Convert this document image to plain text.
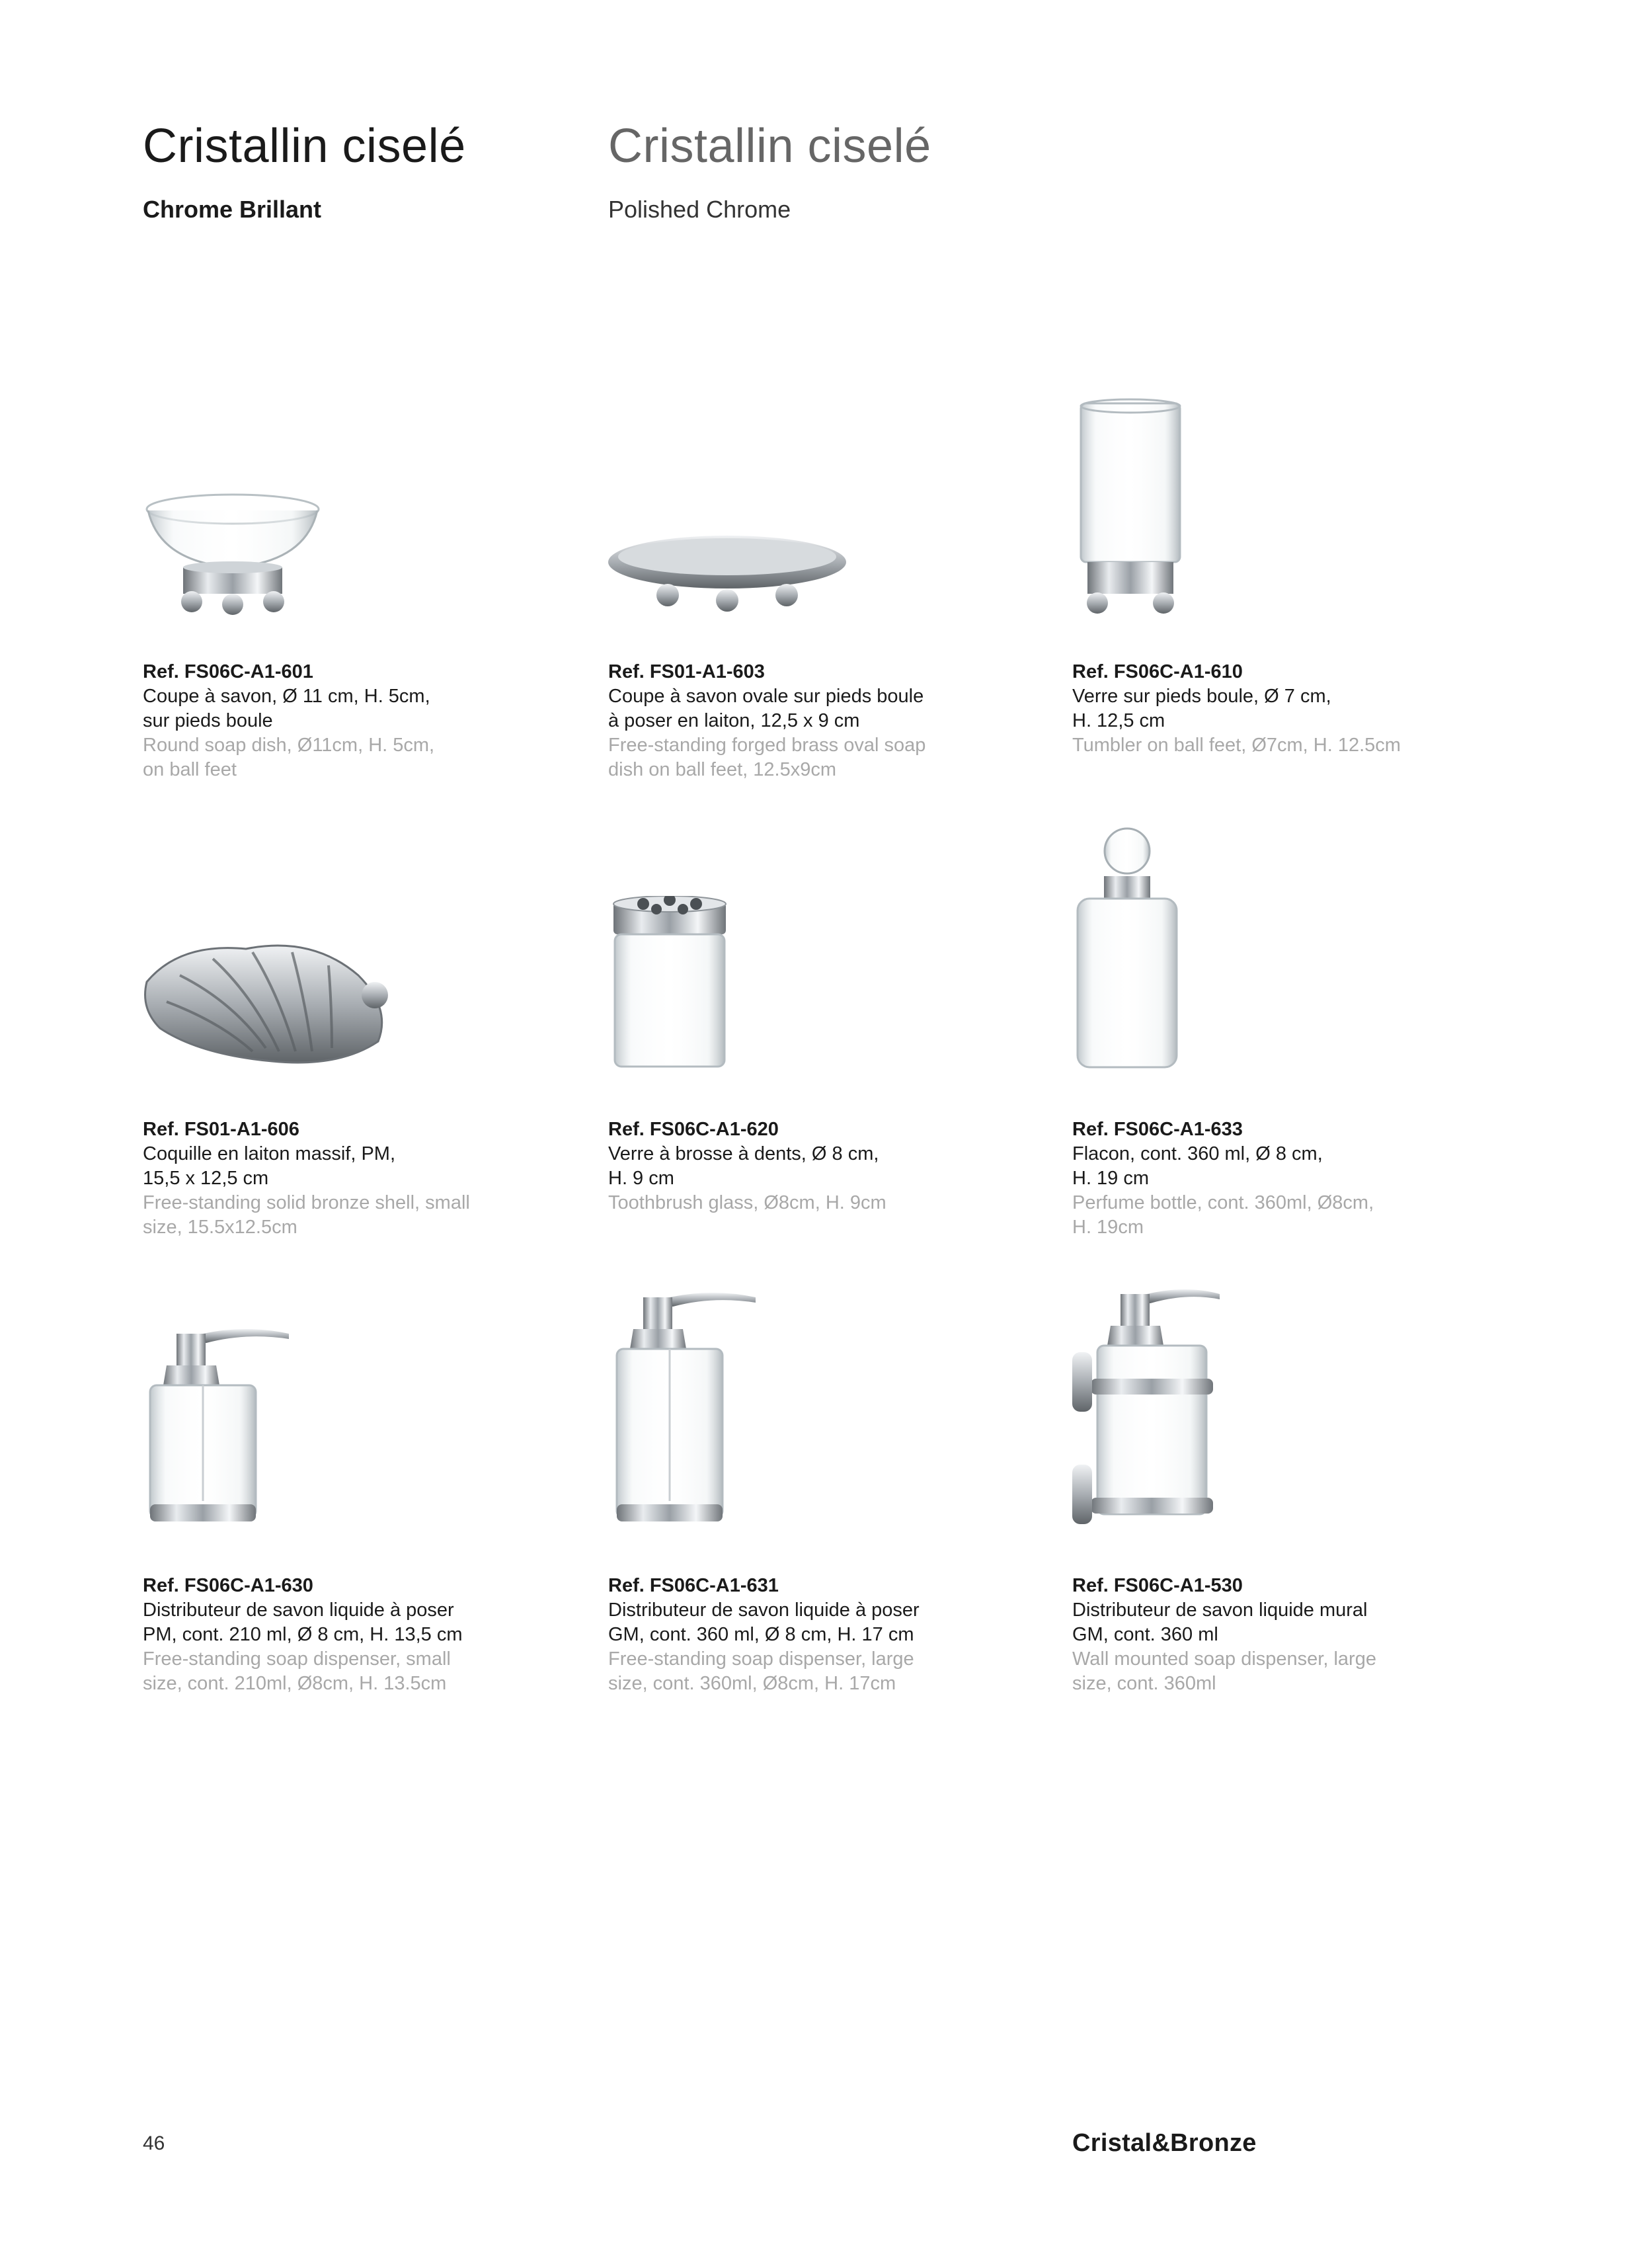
Cristallin ciselé	Cristallin ciselé
Chrome Brillant	Polished Chrome
Ref. FS06C-A1-601
Coupe à savon, Ø 11 cm, H. 5cm,
sur pieds boule
Round soap dish, Ø11cm, H. 5cm,
on ball feet
Ref. FS01-A1-603
Coupe à savon ovale sur pieds boule
à poser en laiton, 12,5 x 9 cm
Free-standing forged brass oval soap
dish on ball feet, 12.5x9cm
Ref. FS06C-A1-610
Verre sur pieds boule, Ø 7 cm,
H. 12,5 cm
Tumbler on ball feet, Ø7cm, H. 12.5cm
Ref. FS01-A1-606
Coquille en laiton massif, PM,
15,5 x 12,5 cm
Free-standing solid bronze shell, small
size, 15.5x12.5cm
Ref. FS06C-A1-620
Verre à brosse à dents, Ø 8 cm,
H. 9 cm
Toothbrush glass, Ø8cm, H. 9cm
Ref. FS06C-A1-633
Flacon, cont. 360 ml, Ø 8 cm,
H. 19 cm
Perfume bottle, cont. 360ml, Ø8cm,
H. 19cm
Ref. FS06C-A1-630
Distributeur de savon liquide à poser
PM, cont. 210 ml, Ø 8 cm, H. 13,5 cm
Free-standing soap dispenser, small
size, cont. 210ml, Ø8cm, H. 13.5cm
Ref. FS06C-A1-631
Distributeur de savon liquide à poser
GM, cont. 360 ml, Ø 8 cm, H. 17 cm
Free-standing soap dispenser, large
size, cont. 360ml, Ø8cm, H. 17cm
Ref. FS06C-A1-530
Distributeur de savon liquide mural
GM, cont. 360 ml
Wall mounted soap dispenser, large
size, cont. 360ml
46	Cristal&Bronze
